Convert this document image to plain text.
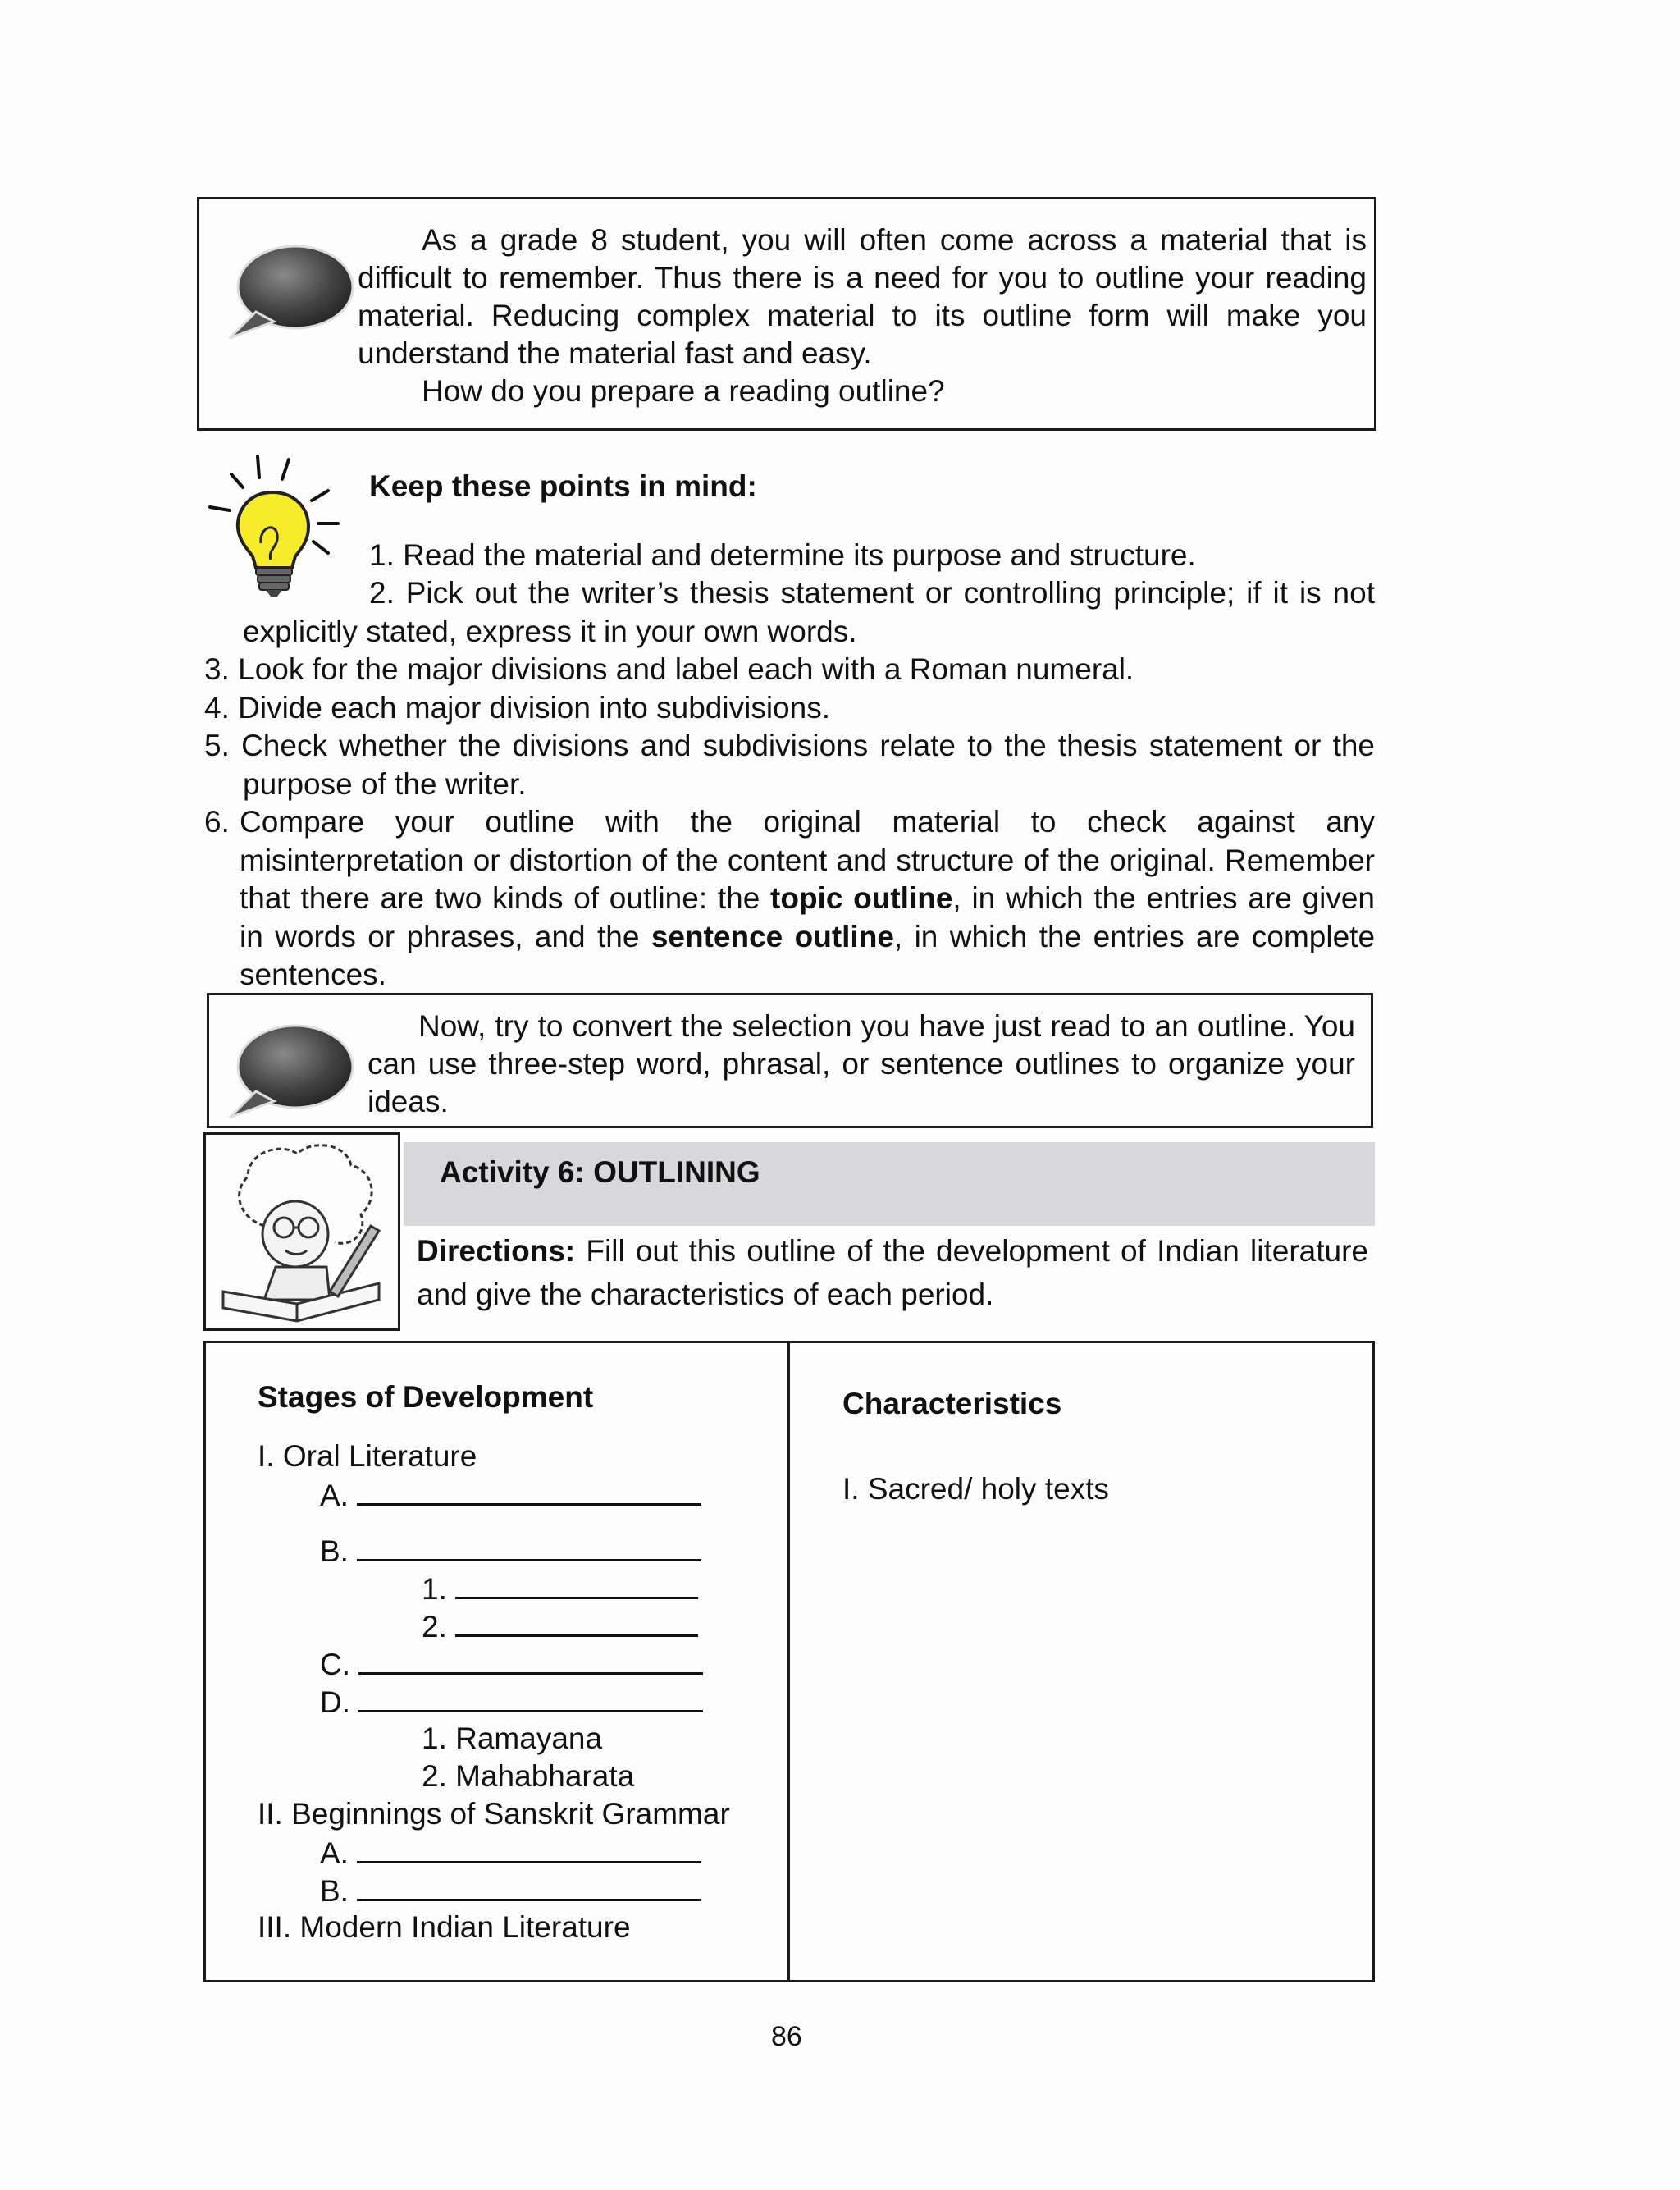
As a grade 8 student, you will often come across a material that is difficult to remember. Thus there is a need for you to outline your reading material. Reducing complex material to its outline form will make you understand the material fast and easy.

How do you prepare a reading outline?

Keep these points in mind:
1. Read the material and determine its purpose and structure.
2. Pick out the writer’s thesis statement or controlling principle; if it is not
explicitly stated, express it in your own words.
3. Look for the major divisions and label each with a Roman numeral.
4. Divide each major division into subdivisions.
5. Check whether the divisions and subdivisions relate to the thesis statement or the
purpose of the writer.
6. Compare your outline with the original material to check against any misinterpretation or distortion of the content and structure of the original. Remember that there are two kinds of outline: the topic outline, in which the entries are given in words or phrases, and the sentence outline, in which the entries are complete sentences.
Now, try to convert the selection you have just read to an outline. You can use three-step word, phrasal, or sentence outlines to organize your ideas.
Activity 6: OUTLINING
Directions: Fill out this outline of the development of Indian literature and give the characteristics of each period.
Stages of Development	Characteristics
I. Oral Literature
A.
B.
1.
2.
C.
D.
1. Ramayana
2. Mahabharata
II. Beginnings of Sanskrit Grammar
A.
B.
III. Modern Indian Literature
I. Sacred/ holy texts
86
